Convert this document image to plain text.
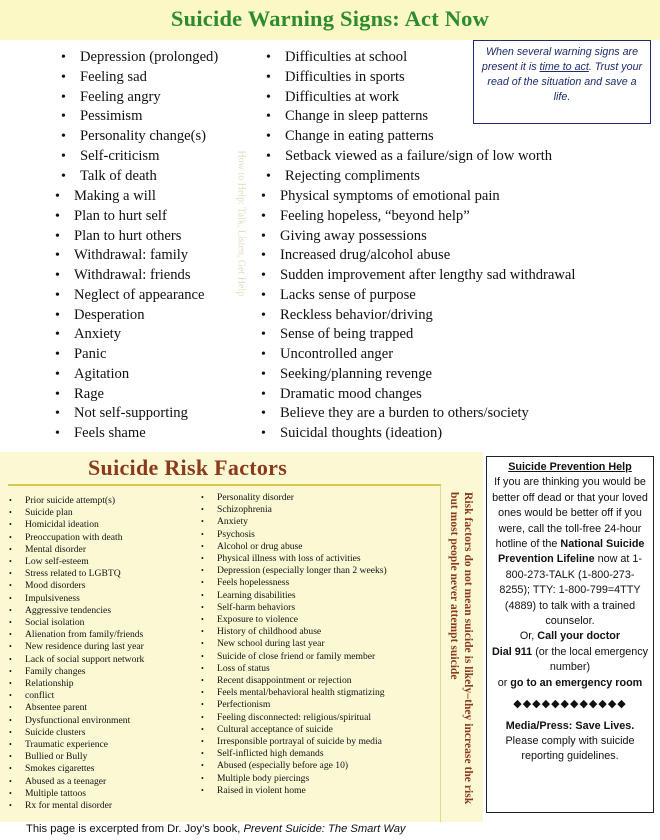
Suicide Warning Signs: Act Now
• Depression (prolonged)
• Feeling sad
• Feeling angry
• Pessimism
• Personality change(s)
• Self-criticism
• Talk of death
• Difficulties at school
• Difficulties in sports
• Difficulties at work
• Change in sleep patterns
• Change in eating patterns
• Setback viewed as a failure/sign of low worth
• Rejecting compliments
• Making a will
• Plan to hurt self
• Plan to hurt others
• Withdrawal: family
• Withdrawal: friends
• Neglect of appearance
• Desperation
• Anxiety
• Panic
• Agitation
• Rage
• Not self-supporting
• Feels shame
• Physical symptoms of emotional pain
• Feeling hopeless, “beyond help”
• Giving away possessions
• Increased drug/alcohol abuse
• Sudden improvement after lengthy sad withdrawal
• Lacks sense of purpose
• Reckless behavior/driving
• Sense of being trapped
• Uncontrolled anger
• Seeking/planning revenge
• Dramatic mood changes
• Believe they are a burden to others/society
• Suicidal thoughts (ideation)
When several warning signs are present it is time to act. Trust your read of the situation and save a life.
How to Help: Talk, Listen, Get Help
Suicide Risk Factors
• Prior suicide attempt(s)
• Suicide plan
• Homicidal ideation
• Preoccupation with death
• Mental disorder
• Low self-esteem
• Stress related to LGBTQ
• Mood disorders
• Impulsiveness
• Aggressive tendencies
• Social isolation
• Alienation from family/friends
• New residence during last year
• Lack of social support network
• Family changes
• Relationship
• conflict
• Absentee parent
• Dysfunctional environment
• Suicide clusters
• Traumatic experience
• Bullied or Bully
• Smokes cigarettes
• Abused as a teenager
• Multiple tattoos
• Rx for mental disorder
• Personality disorder
• Schizophrenia
• Anxiety
• Psychosis
• Alcohol or drug abuse
• Physical illness with loss of activities
• Depression (especially longer than 2 weeks)
• Feels hopelessness
• Learning disabilities
• Self-harm behaviors
• Exposure to violence
• History of childhood abuse
• New school during last year
• Suicide of close friend or family member
• Loss of status
• Recent disappointment or rejection
• Feels mental/behavioral health stigmatizing
• Perfectionism
• Feeling disconnected: religious/spiritual
• Cultural acceptance of suicide
• Irresponsible portrayal of suicide by media
• Self-inflicted high demands
• Abused (especially before age 10)
• Multiple body piercings
• Raised in violent home	Risk factors do not mean suicide is likely–they increase the risk but most people never attempt suicide
Suicide Prevention Help
If you are thinking you would be better off dead or that your loved ones would be better off if you were, call the toll-free 24-hour hotline of the National Suicide Prevention Lifeline now at 1-800-273-TALK (1-800-273-8255); TTY: 1-800-799=4TTY (4889) to talk with a trained counselor.
Or, Call your doctor
Dial 911 (or the local emergency number)
or go to an emergency room
◆◆◆◆◆◆◆◆◆◆◆◆
Media/Press: Save Lives.
Please comply with suicide reporting guidelines.
This page is excerpted from Dr. Joy’s book, Prevent Suicide: The Smart Way
